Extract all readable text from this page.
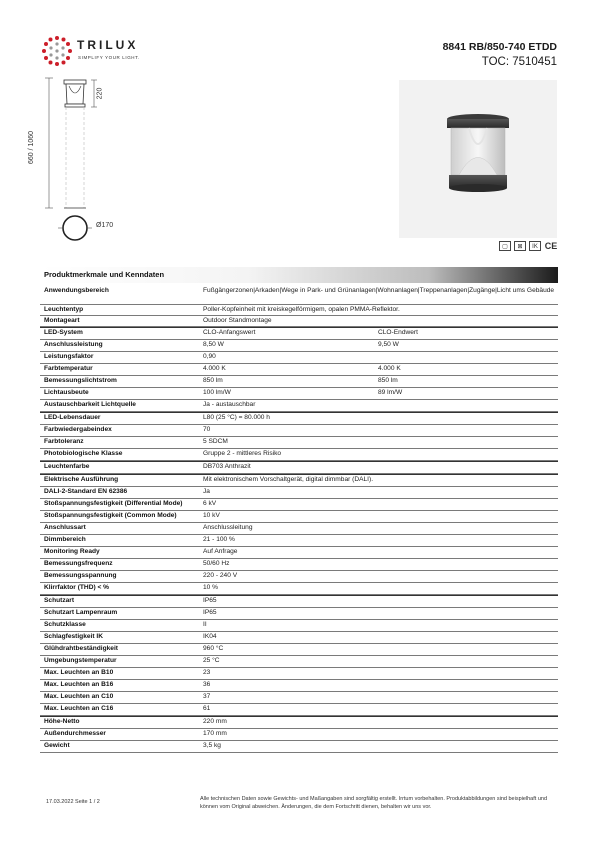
TRILUX
SIMPLIFY YOUR LIGHT.
8841 RB/850-740 ETDD
TOC: 7510451
220
660 / 1060
Ø170
▢	⊠	IK CE
Produktmerkmale und Kenndaten
Anwendungsbereich	Fußgängerzonen|Arkaden|Wege in Park- und Grünanlagen|Wohnanlagen|Treppenanlagen|Zugänge|Licht ums Gebäude
Leuchtentyp	Poller-Kopfeinheit mit kreiskegelförmigem, opalen PMMA-Reflektor.
Montageart	Outdoor Standmontage
LED-System	CLO-Anfangswert	CLO-Endwert
Anschlussleistung	8,50 W	9,50 W
Leistungsfaktor	0,90
Farbtemperatur	4.000 K	4.000 K
Bemessungslichtstrom	850 lm	850 lm
Lichtausbeute	100 lm/W	89 lm/W
Austauschbarkeit Lichtquelle	Ja - austauschbar
LED-Lebensdauer	L80 (25 °C) = 80.000 h
Farbwiedergabeindex	70
Farbtoleranz	5 SDCM
Photobiologische Klasse	Gruppe 2 - mittleres Risiko
Leuchtenfarbe	DB703 Anthrazit
Elektrische Ausführung	Mit elektronischem Vorschaltgerät, digital dimmbar (DALI).
DALI-2-Standard EN 62386	Ja
Stoßspannungsfestigkeit (Differential Mode)	6 kV
Stoßspannungsfestigkeit (Common Mode)	10 kV
Anschlussart	Anschlussleitung
Dimmbereich	21 - 100 %
Monitoring Ready	Auf Anfrage
Bemessungsfrequenz	50/60 Hz
Bemessungsspannung	220 - 240 V
Klirrfaktor (THD) < %	10 %
Schutzart	IP65
Schutzart Lampenraum	IP65
Schutzklasse	II
Schlagfestigkeit IK	IK04
Glühdrahtbeständigkeit	960 °C
Umgebungstemperatur	25 °C
Max. Leuchten an B10	23
Max. Leuchten an B16	36
Max. Leuchten an C10	37
Max. Leuchten an C16	61
Höhe-Netto	220 mm
Außendurchmesser	170 mm
Gewicht	3,5 kg
17.03.2022 Seite 1 / 2	Alle technischen Daten sowie Gewichts- und Maßangaben sind sorgfältig erstellt. Irrtum vorbehalten. Produktabbildungen sind beispielhaft und können vom Original abweichen. Änderungen, die dem Fortschritt dienen, behalten wir uns vor.
